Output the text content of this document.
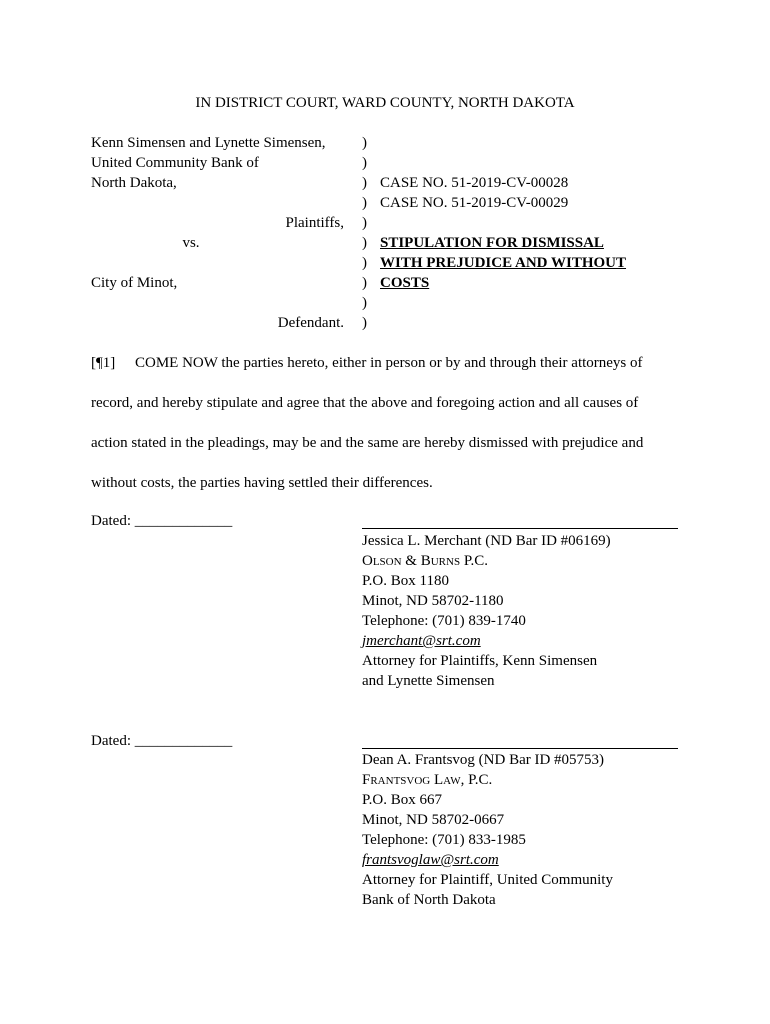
IN DISTRICT COURT, WARD COUNTY, NORTH DAKOTA
Kenn Simensen and Lynette Simensen,
United Community Bank of
North Dakota,
Plaintiffs,
vs.
City of Minot,
Defendant.
)
)
)
)
)
)
)
)
)
)
CASE NO. 51-2019-CV-00028
CASE NO. 51-2019-CV-00029
STIPULATION FOR DISMISSAL
WITH PREJUDICE AND WITHOUT
COSTS
[¶1] COME NOW the parties hereto, either in person or by and through their attorneys of
record, and hereby stipulate and agree that the above and foregoing action and all causes of
action stated in the pleadings, may be and the same are hereby dismissed with prejudice and
without costs, the parties having settled their differences.
Dated: _____________
Jessica L. Merchant (ND Bar ID #06169)
Olson & Burns P.C.
P.O. Box 1180
Minot, ND 58702-1180
Telephone: (701) 839-1740
jmerchant@srt.com
Attorney for Plaintiffs, Kenn Simensen
and Lynette Simensen
Dated: _____________
Dean A. Frantsvog (ND Bar ID #05753)
Frantsvog Law, P.C.
P.O. Box 667
Minot, ND 58702-0667
Telephone: (701) 833-1985
frantsvoglaw@srt.com
Attorney for Plaintiff, United Community
Bank of North Dakota
